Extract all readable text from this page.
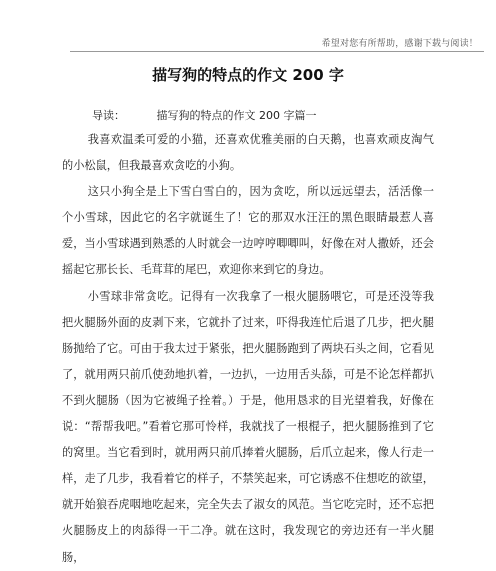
希望对您有所帮助，感谢下载与阅读！
描写狗的特点的作文 200 字
导读：	描写狗的特点的作文 200 字篇一

我喜欢温柔可爱的小猫，还喜欢优雅美丽的白天鹅，也喜欢顽皮淘气的小松鼠，但我最喜欢贪吃的小狗。

这只小狗全是上下雪白雪白的，因为贪吃，所以远远望去，活活像一个小雪球，因此它的名字就诞生了！它的那双水汪汪的黑色眼睛最惹人喜爱，当小雪球遇到熟悉的人时就会一边哼哼唧唧叫，好像在对人撒娇，还会摇起它那长长、毛茸茸的尾巴，欢迎你来到它的身边。

小雪球非常贪吃。记得有一次我拿了一根火腿肠喂它，可是还没等我把火腿肠外面的皮剥下来，它就扑了过来，吓得我连忙后退了几步，把火腿肠抛给了它。可由于我太过于紧张，把火腿肠跑到了两块石头之间，它看见了，就用两只前爪使劲地扒着，一边扒，一边用舌头舔，可是不论怎样都扒不到火腿肠（因为它被绳子拴着。）于是，他用恳求的目光望着我，好像在说：“帮帮我吧。”看着它那可怜样，我就找了一根棍子，把火腿肠推到了它的窝里。当它看到时，就用两只前爪捧着火腿肠，后爪立起来，像人行走一样，走了几步，我看着它的样子，不禁笑起来，可它诱惑不住想吃的欲望，就开始狼吞虎咽地吃起来，完全失去了淑女的风范。当它吃完时，还不忘把火腿肠皮上的肉舔得一干二净。就在这时，我发现它的旁边还有一半火腿肠，
